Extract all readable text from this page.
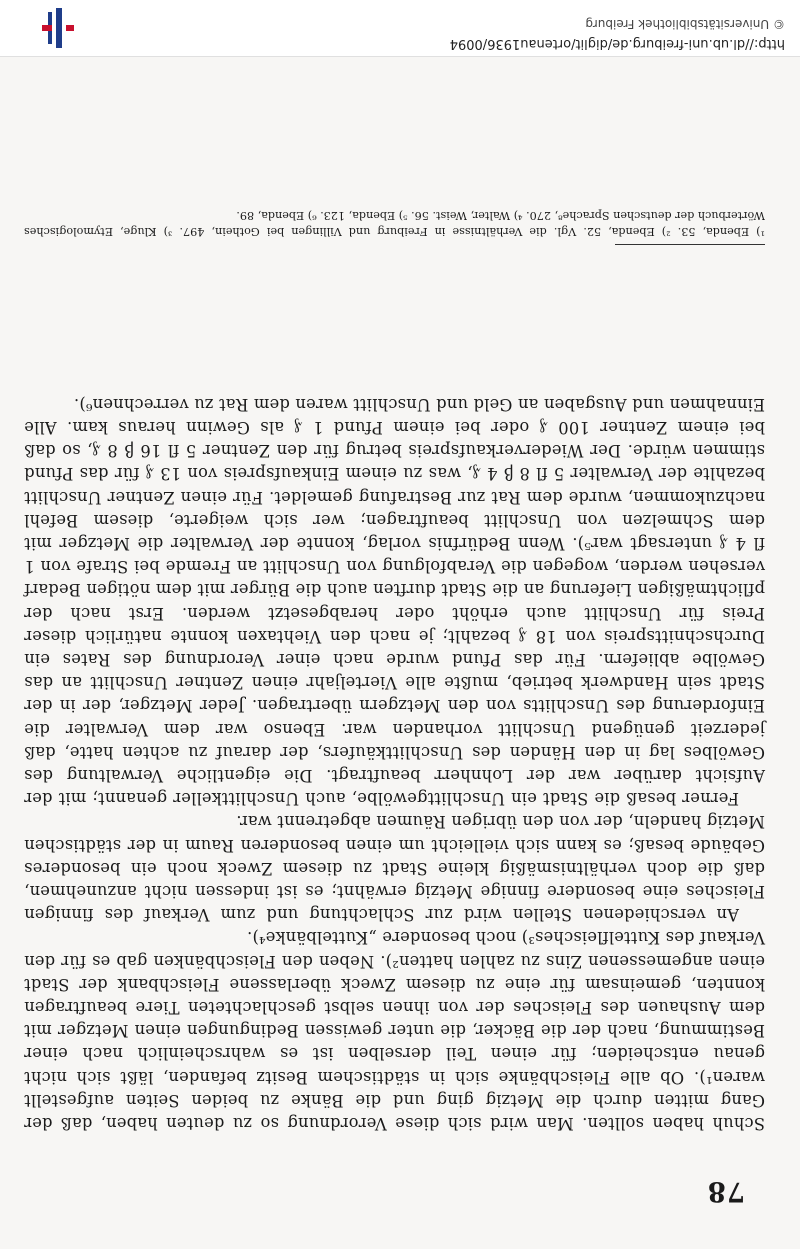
78

Schuh haben sollten. Man wird sich diese Verordnung so zu deuten haben, daß der Gang mitten durch die Metzig ging und die Bänke zu beiden Seiten aufgestellt waren¹). Ob alle Fleischbänke sich in städtischem Besitz befanden, läßt sich nicht genau entscheiden; für einen Teil derselben ist es wahrscheinlich nach einer Bestimmung, nach der die Bäcker, die unter gewissen Bedingungen einen Metzger mit dem Aushauen des Fleisches der von ihnen selbst geschlachteten Tiere beauftragen konnten, gemeinsam für eine zu diesem Zweck überlassene Fleischbank der Stadt einen angemessenen Zins zu zahlen hatten²). Neben den Fleischbänken gab es für den Verkauf des Kuttelfleisches³) noch besondere „Kuttelbänke⁴).

An verschiedenen Stellen wird zur Schlachtung und zum Verkauf des finnigen Fleisches eine besondere finnige Metzig erwähnt; es ist indessen nicht anzunehmen, daß die doch verhältnismäßig kleine Stadt zu diesem Zweck noch ein besonderes Gebäude besaß; es kann sich vielleicht um einen besonderen Raum in der städtischen Metzig handeln, der von den übrigen Räumen abgetrennt war.

Ferner besaß die Stadt ein Unschlittgewölbe, auch Unschlittkeller genannt; mit der Aufsicht darüber war der Lohnherr beauftragt. Die eigentliche Verwaltung des Gewölbes lag in den Händen des Unschlittkäufers, der darauf zu achten hatte, daß jederzeit genügend Unschlitt vorhanden war. Ebenso war dem Verwalter die Einforderung des Unschlitts von den Metzgern übertragen. Jeder Metzger, der in der Stadt sein Handwerk betrieb, mußte alle Vierteljahr einen Zentner Unschlitt an das Gewölbe abliefern. Für das Pfund wurde nach einer Verordnung des Rates ein Durchschnittspreis von 18 ₰ bezahlt; je nach den Viehtaxen konnte natürlich dieser Preis für Unschlitt auch erhöht oder herabgesetzt werden. Erst nach der pflichtmäßigen Lieferung an die Stadt durften auch die Bürger mit dem nötigen Bedarf versehen werden, wogegen die Verabfolgung von Unschlitt an Fremde bei Strafe von 1 fl 4 ₰ untersagt war⁵). Wenn Bedürfnis vorlag, konnte der Verwalter die Metzger mit dem Schmelzen von Unschlitt beauftragen; wer sich weigerte, diesem Befehl nachzukommen, wurde dem Rat zur Bestrafung gemeldet. Für einen Zentner Unschlitt bezahlte der Verwalter 5 fl 8 β 4 ₰, was zu einem Einkaufspreis von 13 ₰ für das Pfund stimmen würde. Der Wiederverkaufspreis betrug für den Zentner 5 fl 16 β 8 ₰, so daß bei einem Zentner 100 ₰ oder bei einem Pfund 1 ₰ als Gewinn heraus kam. Alle Einnahmen und Ausgaben an Geld und Unschlitt waren dem Rat zu verrechnen⁶).

¹) Ebenda, 53. ²) Ebenda, 52. Vgl. die Verhältnisse in Freiburg und Villingen bei Gothein, 497. ³) Kluge, Etymologisches Wörterbuch der deutschen Sprache⁸, 270. ⁴) Walter, Weist. 56. ⁵) Ebenda, 123. ⁶) Ebenda, 89.

http://dl.ub.uni-freiburg.de/diglit/ortenau1936/0094
© Universitätsbibliothek Freiburg
